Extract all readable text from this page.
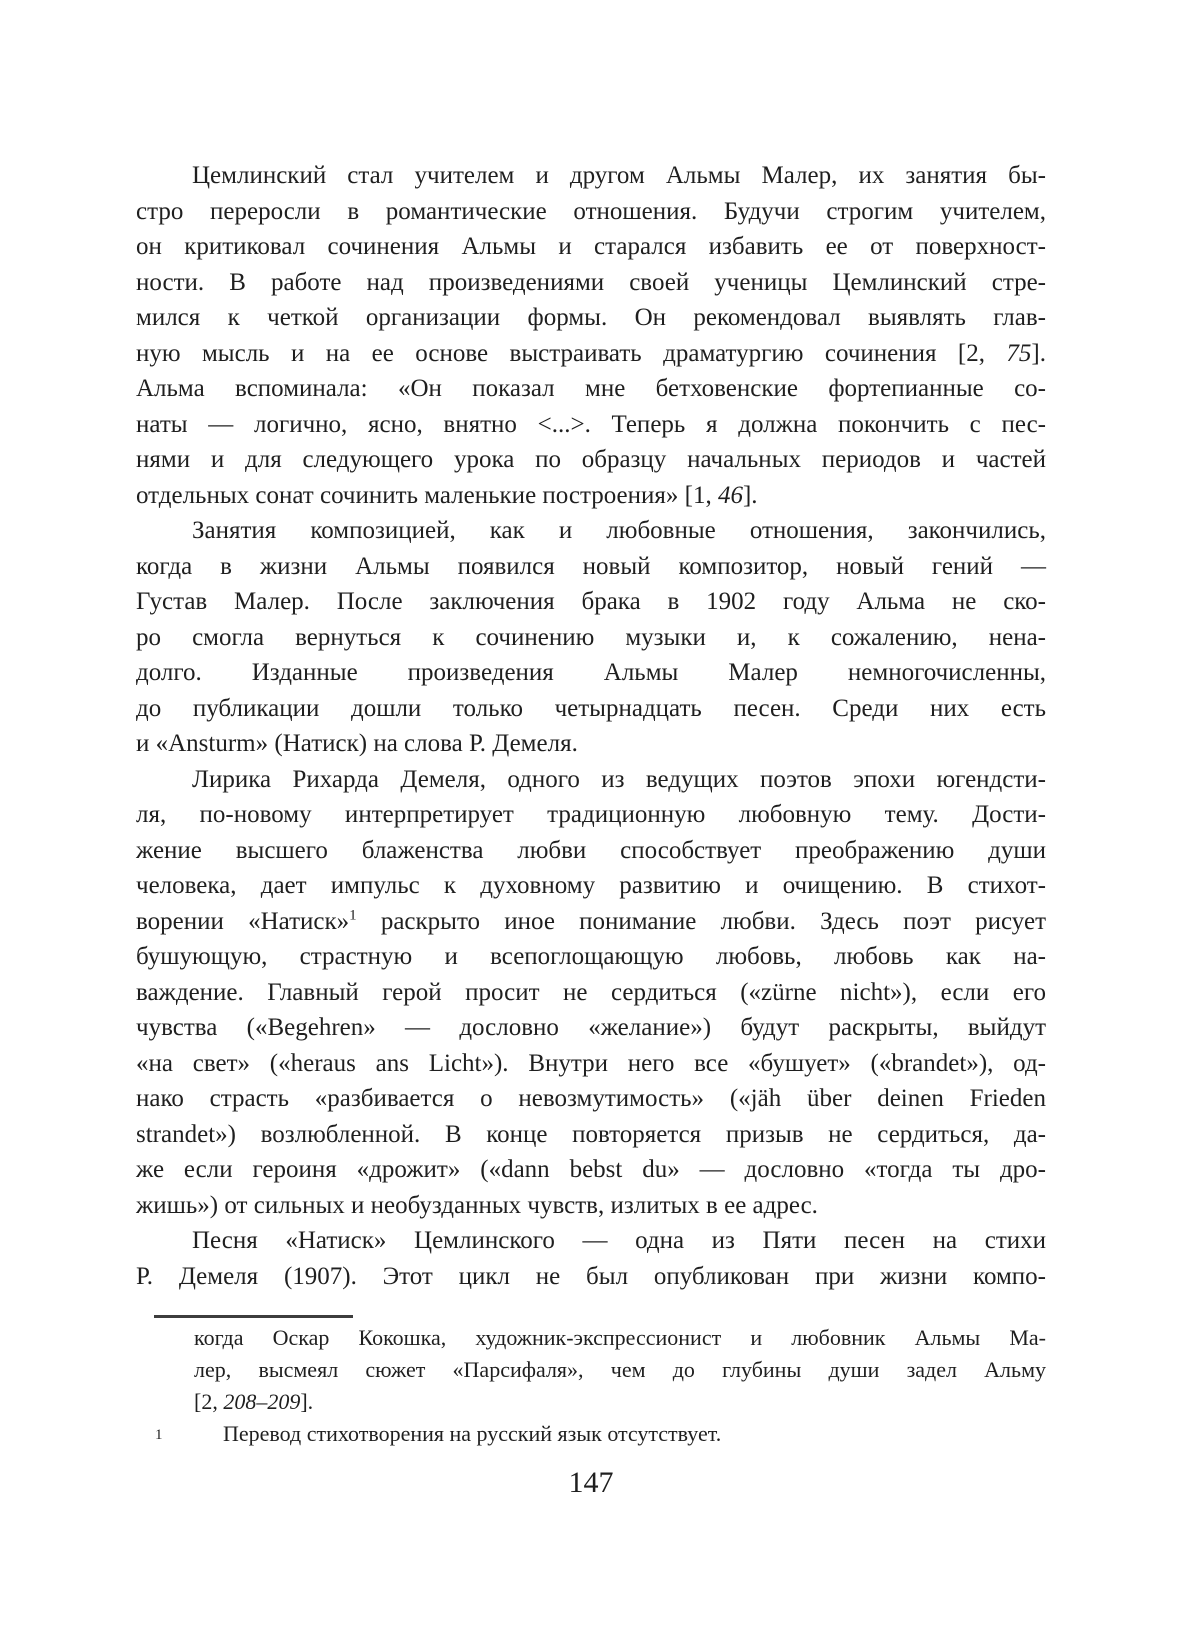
Цемлинский стал учителем и другом Альмы Малер, их занятия бы-
стро переросли в романтические отношения. Будучи строгим учителем,
он критиковал сочинения Альмы и старался избавить ее от поверхност-
ности. В работе над произведениями своей ученицы Цемлинский стре-
мился к четкой организации формы. Он рекомендовал выявлять глав-
ную мысль и на ее основе выстраивать драматургию сочинения [2, 75].
Альма вспоминала: «Он показал мне бетховенские фортепианные со-
наты — логично, ясно, внятно <...>. Теперь я должна покончить с пес-
нями и для следующего урока по образцу начальных периодов и частей
отдельных сонат сочинить маленькие построения» [1, 46].
Занятия композицией, как и любовные отношения, закончились,
когда в жизни Альмы появился новый композитор, новый гений —
Густав Малер. После заключения брака в 1902 году Альма не ско-
ро смогла вернуться к сочинению музыки и, к сожалению, нена-
долго. Изданные произведения Альмы Малер немногочисленны,
до публикации дошли только четырнадцать песен. Среди них есть
и «Ansturm» (Натиск) на слова Р. Демеля.
Лирика Рихарда Демеля, одного из ведущих поэтов эпохи югендсти-
ля, по-новому интерпретирует традиционную любовную тему. Дости-
жение высшего блаженства любви способствует преображению души
человека, дает импульс к духовному развитию и очищению. В стихот-
ворении «Натиск»$^1$ раскрыто иное понимание любви. Здесь поэт рисует
бушующую, страстную и всепоглощающую любовь, любовь как на-
важдение. Главный герой просит не сердиться («zürne nicht»), если его
чувства («Begehren» — дословно «желание») будут раскрыты, выйдут
«на свет» («heraus ans Licht»). Внутри него все «бушует» («brandet»), од-
нако страсть «разбивается о невозмутимость» («jäh über deinen Frieden
strandet») возлюбленной. В конце повторяется призыв не сердиться, да-
же если героиня «дрожит» («dann bebst du» — дословно «тогда ты дро-
жишь») от сильных и необузданных чувств, излитых в ее адрес.
Песня «Натиск» Цемлинского — одна из Пяти песен на стихи
Р. Демеля (1907). Этот цикл не был опубликован при жизни компо-
когда Оскар Кокошка, художник-экспрессионист и любовник Альмы Ма-
лер, высмеял сюжет «Парсифаля», чем до глубины души задел Альму
[2, 208–209].
1	Перевод стихотворения на русский язык отсутствует.
147
